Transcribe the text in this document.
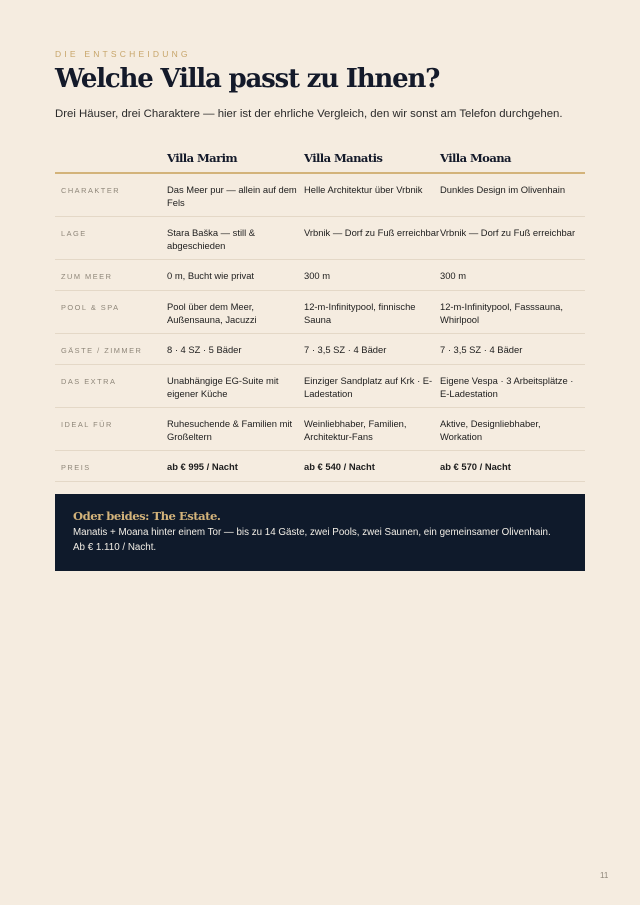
DIE ENTSCHEIDUNG
Welche Villa passt zu Ihnen?
Drei Häuser, drei Charaktere — hier ist der ehrliche Vergleich, den wir sonst am Telefon durchgehen.
	Villa Marim	Villa Manatis	Villa Moana

CHARAKTER	Das Meer pur — allein auf dem Fels	Helle Architektur über Vrbnik	Dunkles Design im Olivenhain

LAGE	Stara Baška — still & abgeschieden	Vrbnik — Dorf zu Fuß erreichbar	Vrbnik — Dorf zu Fuß erreichbar

ZUM MEER	0 m, Bucht wie privat	300 m	300 m

POOL & SPA	Pool über dem Meer, Außensauna, Jacuzzi	12-m-Infinitypool, finnische Sauna	12-m-Infinitypool, Fasssauna, Whirlpool

GÄSTE / ZIMMER	8 · 4 SZ · 5 Bäder	7 · 3,5 SZ · 4 Bäder	7 · 3,5 SZ · 4 Bäder

DAS EXTRA	Unabhängige EG-Suite mit eigener Küche	Einziger Sandplatz auf Krk · E-Ladestation	Eigene Vespa · 3 Arbeitsplätze · E-Ladestation

IDEAL FÜR	Ruhesuchende & Familien mit Großeltern	Weinliebhaber, Familien, Architektur-Fans	Aktive, Designliebhaber, Workation

PREIS	ab € 995 / Nacht	ab € 540 / Nacht	ab € 570 / Nacht
Oder beides: The Estate.
Manatis + Moana hinter einem Tor — bis zu 14 Gäste, zwei Pools, zwei Saunen, ein gemeinsamer Olivenhain.
Ab € 1.110 / Nacht.
11
